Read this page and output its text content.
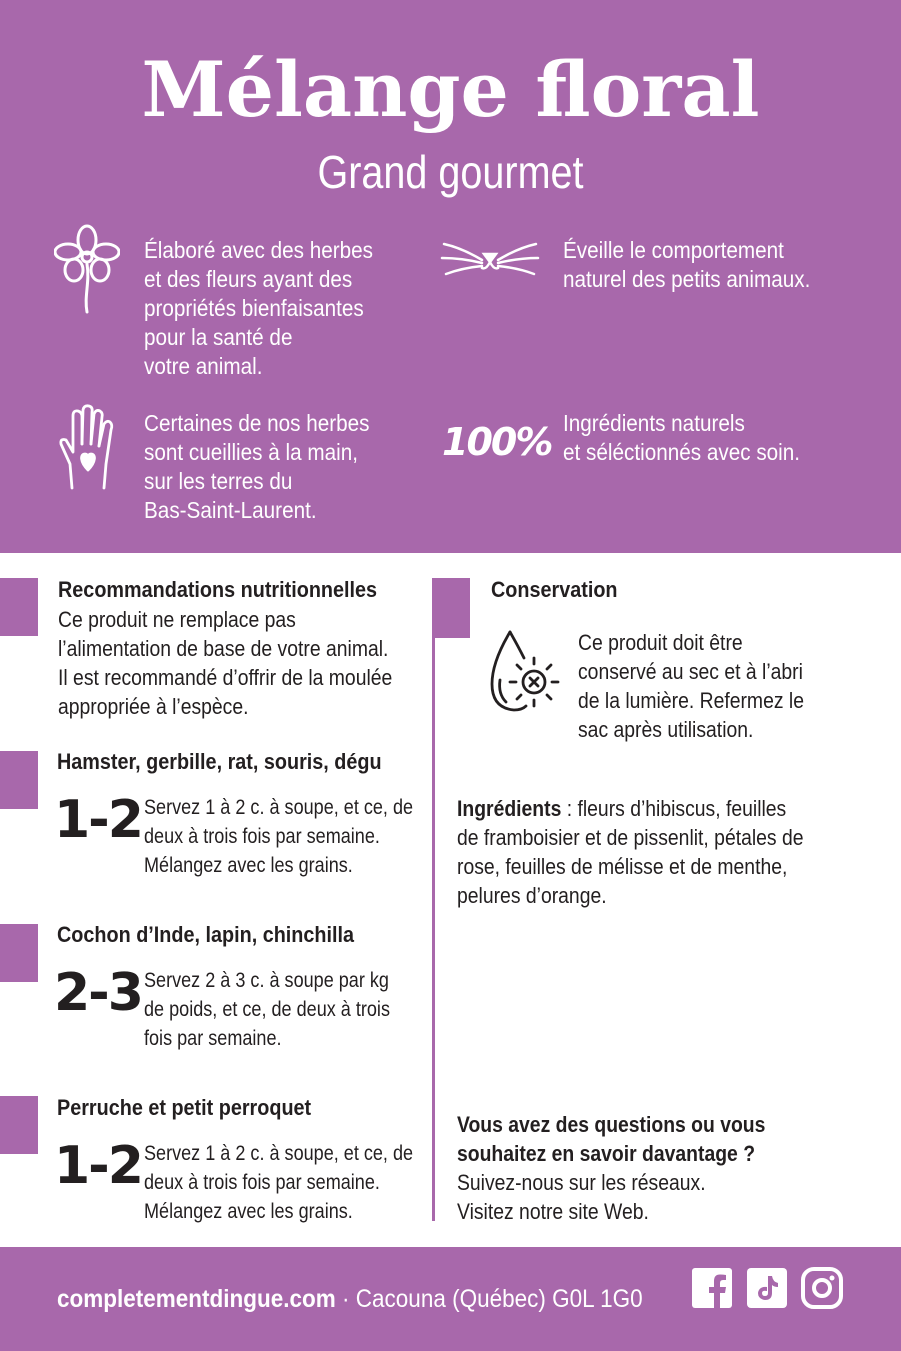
Mélange floral
Grand gourmet
Élaboré avec des herbes
et des fleurs ayant des
propriétés bienfaisantes
pour la santé de
votre animal.
Éveille le comportement
naturel des petits animaux.
Certaines de nos herbes
sont cueillies à la main,
sur les terres du
Bas-Saint-Laurent.
100% Ingrédients naturels
et séléctionnés avec soin.
Recommandations nutritionnelles
Ce produit ne remplace pas
l’alimentation de base de votre animal.
Il est recommandé d’offrir de la moulée
appropriée à l’espèce.
Hamster, gerbille, rat, souris, dégu
1-2 Servez 1 à 2 c. à soupe, et ce, de
deux à trois fois par semaine.
Mélangez avec les grains.
Cochon d’Inde, lapin, chinchilla
2-3 Servez 2 à 3 c. à soupe par kg
de poids, et ce, de deux à trois
fois par semaine.
Perruche et petit perroquet
1-2 Servez 1 à 2 c. à soupe, et ce, de
deux à trois fois par semaine.
Mélangez avec les grains.
Conservation
Ce produit doit être
conservé au sec et à l’abri
de la lumière. Refermez le
sac après utilisation.
Ingrédients : fleurs d’hibiscus, feuilles
de framboisier et de pissenlit, pétales de
rose, feuilles de mélisse et de menthe,
pelures d’orange.
Vous avez des questions ou vous
souhaitez en savoir davantage ?
Suivez-nous sur les réseaux.
Visitez notre site Web.
completementdingue.com · Cacouna (Québec) G0L 1G0
